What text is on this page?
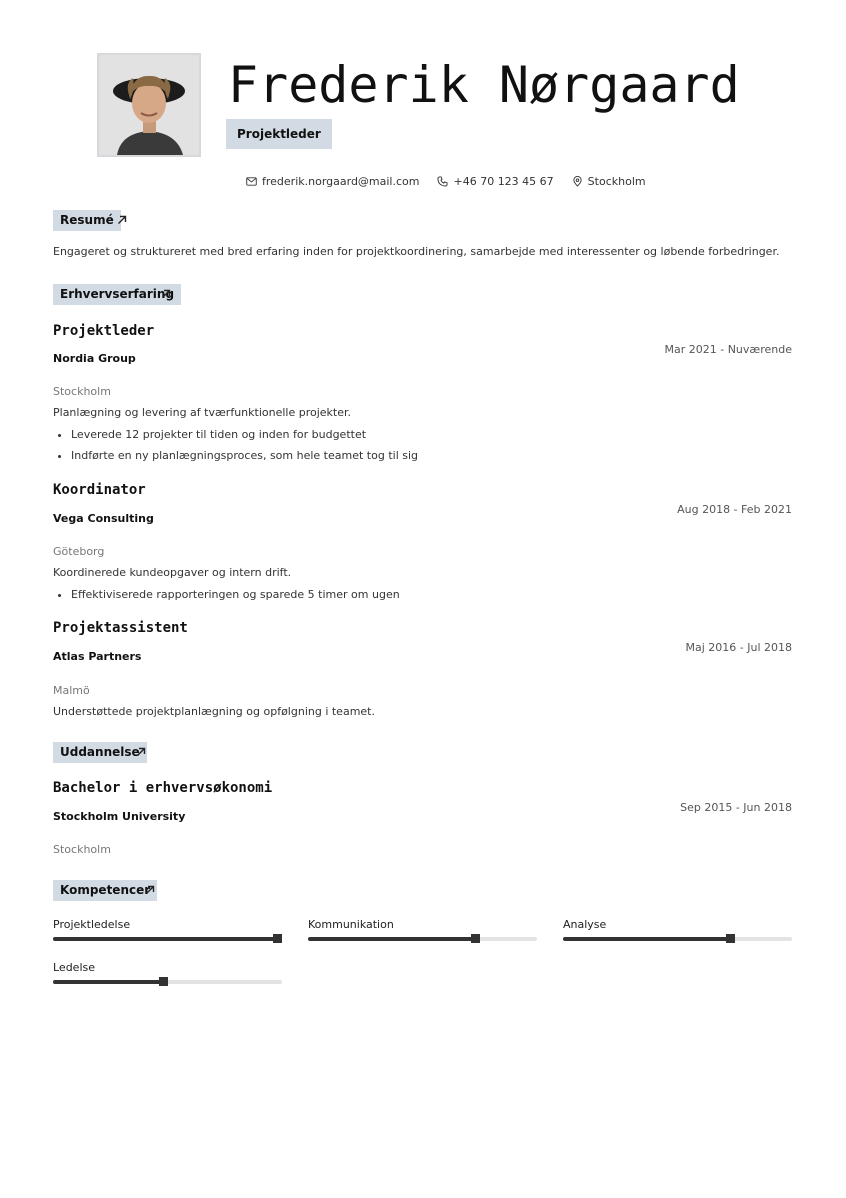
Frederik Nørgaard
Projektleder
frederik.norgaard@mail.com	+46 70 123 45 67	Stockholm
Resumé
Engageret og struktureret med bred erfaring inden for projektkoordinering, samarbejde med interessenter og løbende forbedringer.
Erhvervserfaring
Projektleder
Nordia Group
Mar 2021 - Nuværende
Stockholm
Planlægning og levering af tværfunktionelle projekter.
• Leverede 12 projekter til tiden og inden for budgettet
• Indførte en ny planlægningsproces, som hele teamet tog til sig
Koordinator
Vega Consulting
Aug 2018 - Feb 2021
Göteborg
Koordinerede kundeopgaver og intern drift.
• Effektiviserede rapporteringen og sparede 5 timer om ugen
Projektassistent
Atlas Partners
Maj 2016 - Jul 2018
Malmö
Understøttede projektplanlægning og opfølgning i teamet.
Uddannelse
Bachelor i erhvervsøkonomi
Stockholm University
Sep 2015 - Jun 2018
Stockholm
Kompetencer
Projektledelse	Kommunikation	Analyse
Ledelse
